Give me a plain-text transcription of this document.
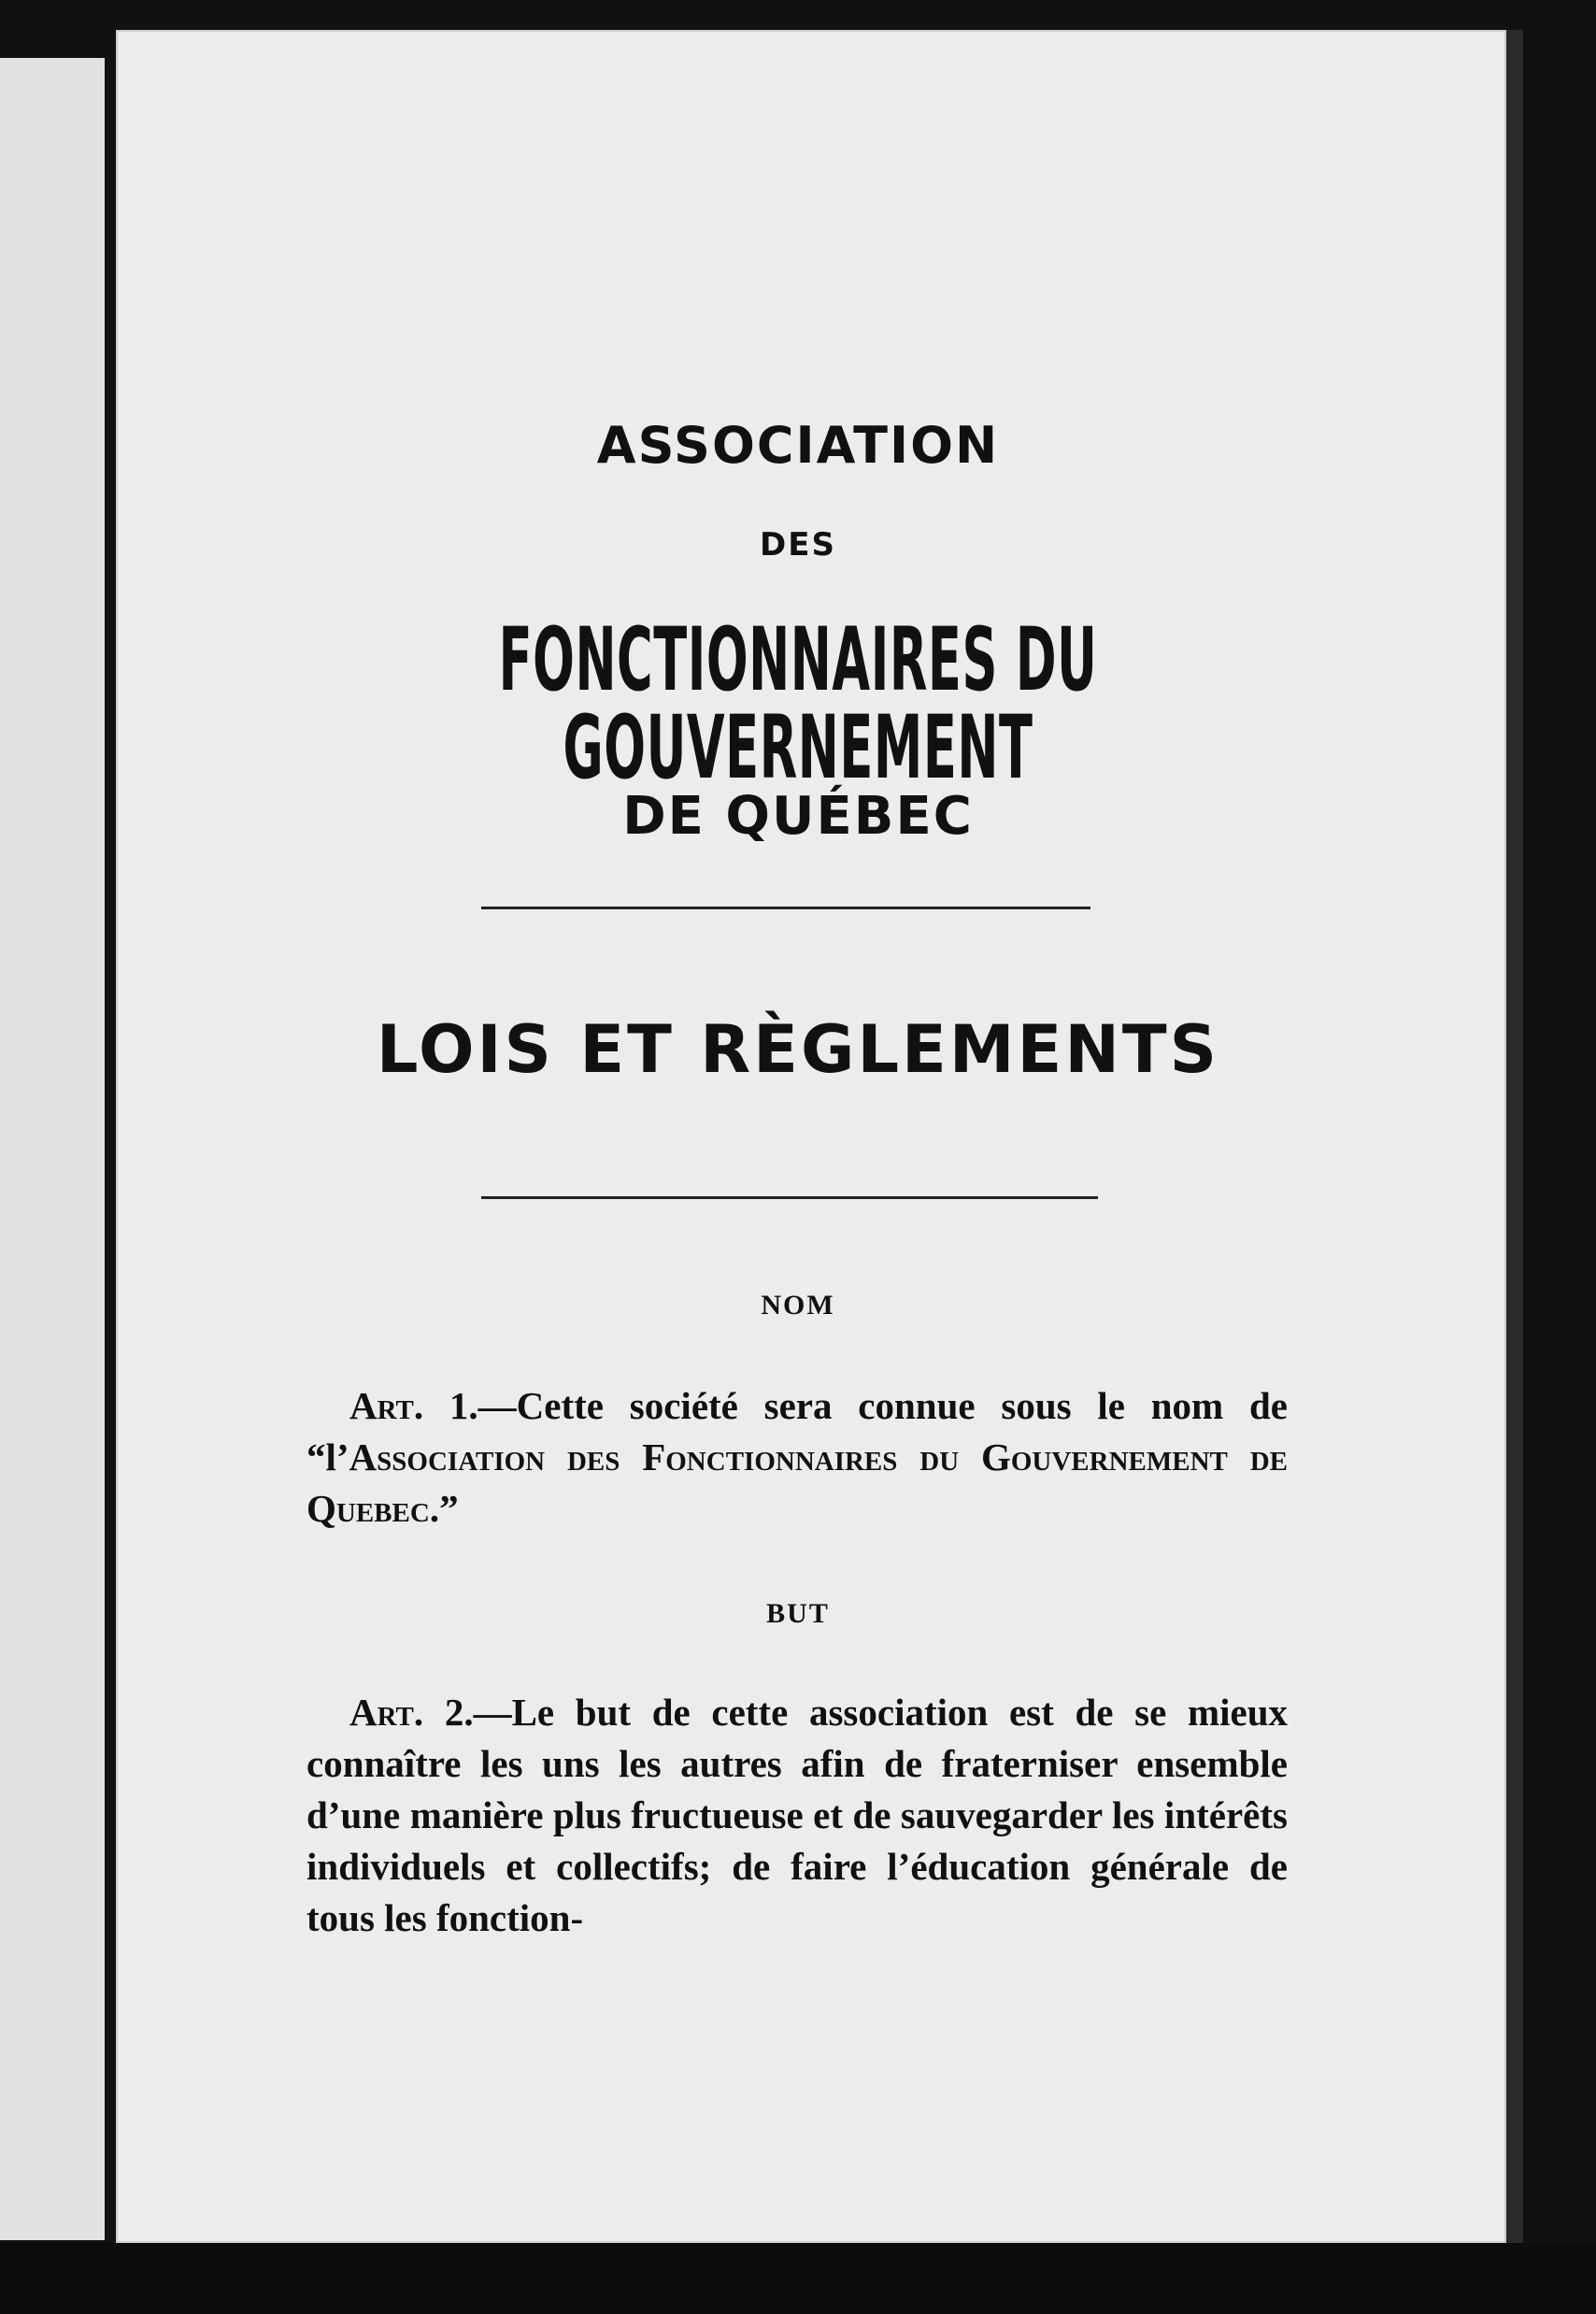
ASSOCIATION
DES
FONCTIONNAIRES DU GOUVERNEMENT
DE QUÉBEC
LOIS ET RÈGLEMENTS
NOM

Art. 1.—Cette société sera connue sous le nom de “l’Association des Fonctionnaires du Gouvernement de Quebec.”

BUT

Art. 2.—Le but de cette association est de se mieux connaître les uns les autres afin de fraterniser ensemble d’une manière plus fructueuse et de sauvegarder les intérêts individuels et collectifs; de faire l’éducation générale de tous les fonction-
